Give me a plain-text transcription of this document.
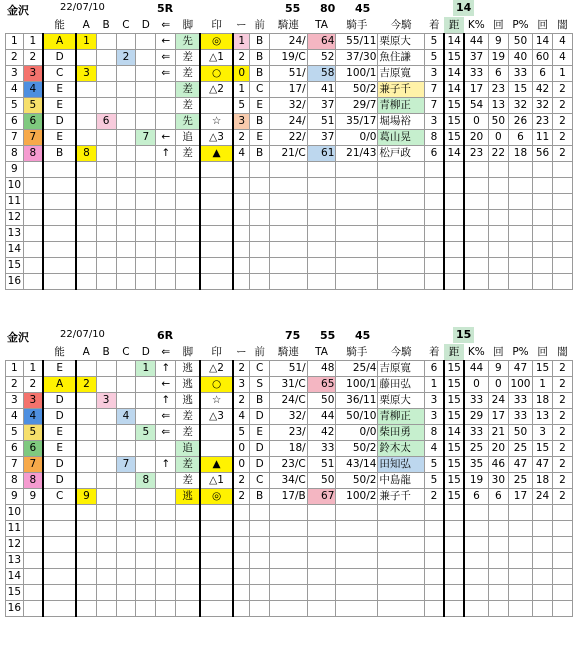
金沢	22/07/10	5R	55 80 45	14
		能	A	B	C	D	⇐	脚	印	ー	前	騎連	TA	騎手	今騎	着	距	K%	回	P%	回	闇
1	1	A	1				←	先	◎	1	B	24/	64	55/11	栗原大	5	14	44	9	50	14	4
2	2	D			2		⇐	差	△1	2	B	19/C	52	37/30	魚住謙	5	15	37	19	40	60	4
3	3	C	3				⇐	差	○	0	B	51/	58	100/1	吉原寛	3	14	33	6	33	6	1
4	4	E						差	△2	1	C	17/	41	50/2	兼子千	7	14	17	23	15	42	2
5	5	E						差		5	E	32/	37	29/7	青柳正	7	15	54	13	32	32	2
6	6	D		6				先	☆	3	B	24/	51	35/17	堀場裕	3	15	0	50	26	23	2
7	7	E				7	←	追	△3	2	E	22/	37	0/0	葛山晃	8	15	20	0	6	11	2
8	8	B	8				↑	差	▲	4	B	21/C	61	21/43	松戸政	6	14	23	22	18	56	2
9																						
10																						
11																						
12																						
13																						
14																						
15																						
16																						
金沢	22/07/10	6R	75 55 45	15
		能	A	B	C	D	⇐	脚	印	ー	前	騎連	TA	騎手	今騎	着	距	K%	回	P%	回	闇
1	1	E				1	↑	逃	△2	2	C	51/	48	25/4	吉原寛	6	15	44	9	47	15	2
2	2	A	2				←	逃	○	3	S	31/C	65	100/1	藤田弘	1	15	0	0	100	1	2
3	3	D		3			↑	逃	☆	2	B	24/C	50	36/11	栗原大	3	15	33	24	33	18	2
4	4	D			4		⇐	差	△3	4	D	32/	44	50/10	青柳正	3	15	29	17	33	13	2
5	5	E				5	⇐	差		5	E	23/	42	0/0	柴田勇	8	14	33	21	50	3	2
6	6	E						追		0	D	18/	33	50/2	鈴木太	4	15	25	20	25	15	2
7	7	D			7		↑	差	▲	0	D	23/C	51	43/14	田知弘	5	15	35	46	47	47	2
8	8	D				8		差	△1	2	C	34/C	50	50/2	中島龍	5	15	19	30	25	18	2
9	9	C	9					逃	◎	2	B	17/B	67	100/2	兼子千	2	15	6	6	17	24	2
10																						
11																						
12																						
13																						
14																						
15																						
16																						
